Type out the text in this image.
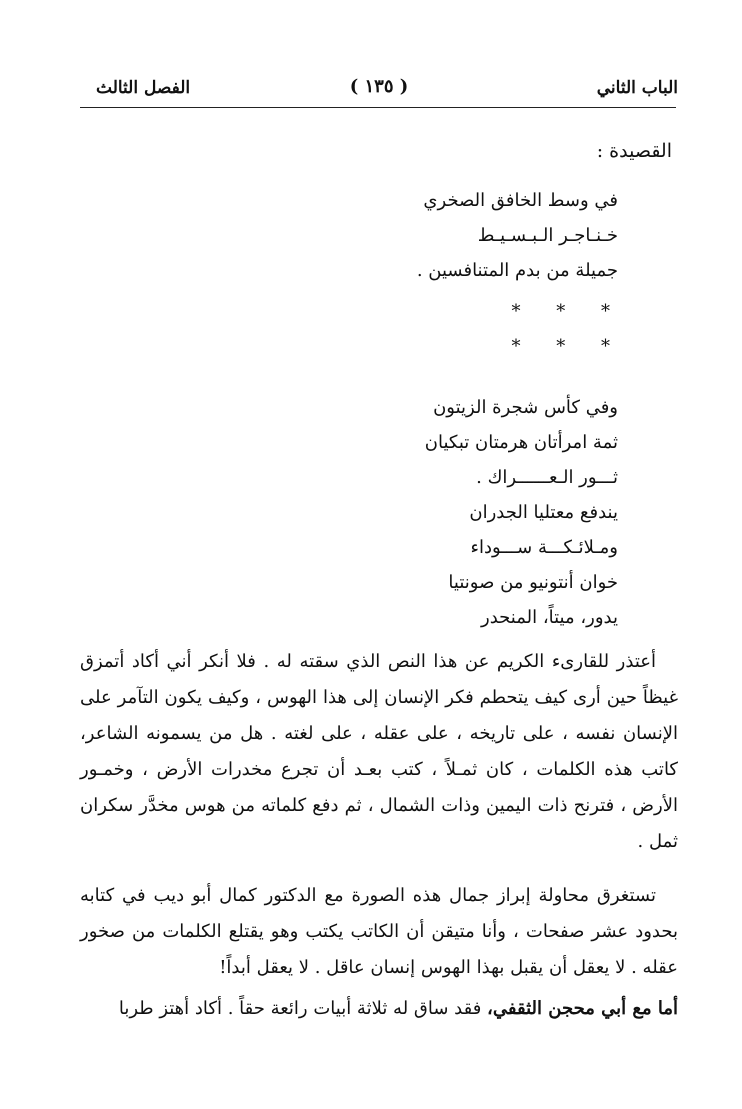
الباب الثاني
( ١٣٥ )
الفصل الثالث
القصيدة :
في وسط الخافق الصخري
خـنـاجـر الـبـسـيـط
جميلة من بدم المتنافسين .
* * *
* * *
وفي كأس شجرة الزيتون
ثمة امرأتان هرمتان تبكيان
ثـــور الـعــــــراك .
يندفع معتليا الجدران
ومـلائـكـــة ســـوداء
خوان أنتونيو من صونتيا
يدور، ميتاً، المنحدر
أعتذر للقارىء الكريم عن هذا النص الذي سقته له . فلا أنكر أني أكاد أتمزق غيظاً حين أرى كيف يتحطم فكر الإنسان إلى هذا الهوس ، وكيف يكون التآمر على الإنسان نفسه ، على تاريخه ، على عقله ، على لغته . هل من يسمونه الشاعر، كاتب هذه الكلمات ، كان ثمـلاً ، كتب بعـد أن تجرع مخدرات الأرض ، وخمـور الأرض ، فترنح ذات اليمين وذات الشمال ، ثم دفع كلماته من هوس مخدَّر سكران ثمل .
تستغرق محاولة إبراز جمال هذه الصورة مع الدكتور كمال أبو ديب في كتابه بحدود عشر صفحات ، وأنا متيقن أن الكاتب يكتب وهو يقتلع الكلمات من صخور عقله . لا يعقل أن يقبل بهذا الهوس إنسان عاقل . لا يعقل أبداً!
أما مع أبي محجن الثقفي، فقد ساق له ثلاثة أبيات رائعة حقاً . أكاد أهتز طربا
